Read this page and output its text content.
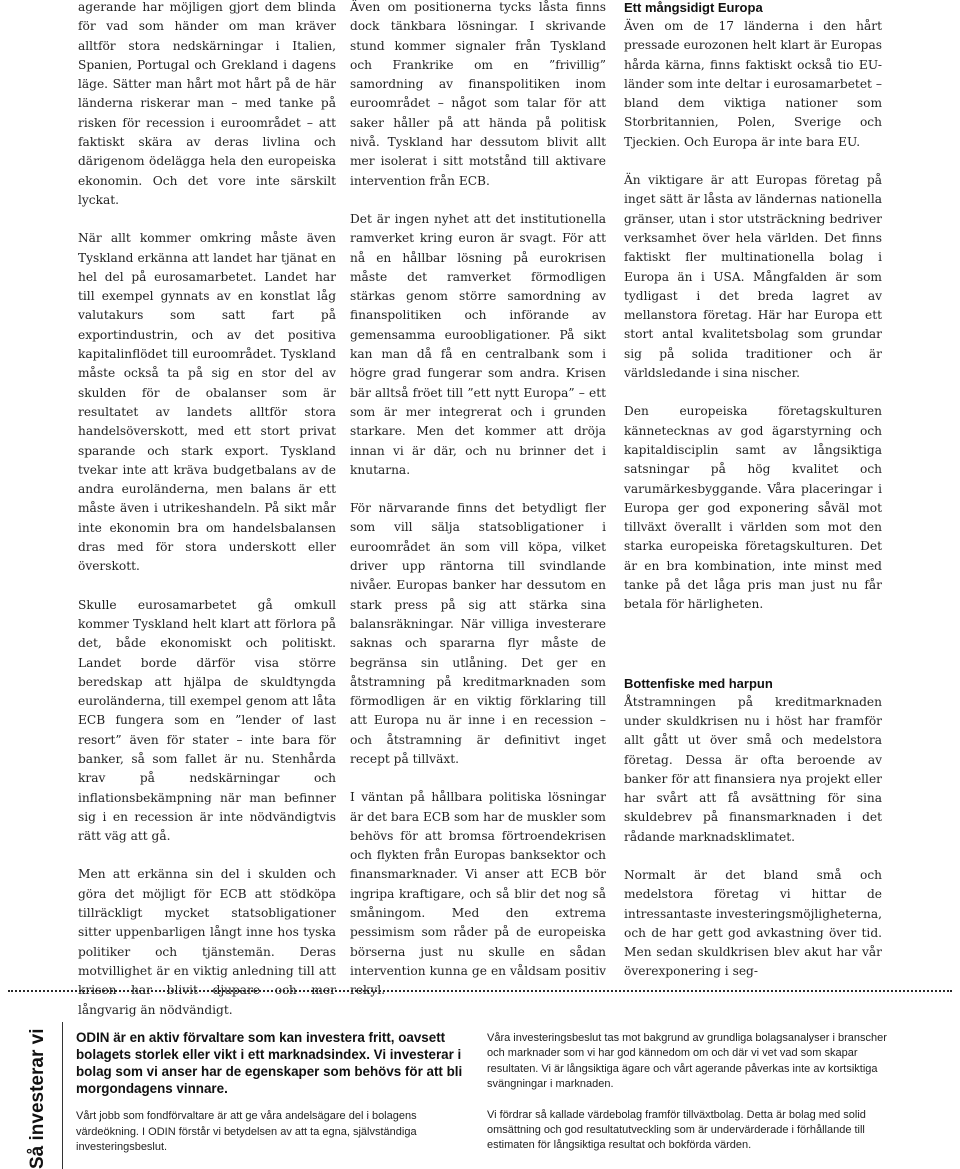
agerande har möjligen gjort dem blinda för vad som händer om man kräver alltför stora nedskärningar i Italien, Spanien, Portugal och Grekland i dagens läge. Sätter man hårt mot hårt på de här länderna riskerar man – med tanke på risken för recession i euroområdet – att faktiskt skära av deras livlina och därigenom ödelägga hela den europeiska ekonomin. Och det vore inte särskilt lyckat.

När allt kommer omkring måste även Tyskland erkänna att landet har tjänat en hel del på eurosamarbetet. Landet har till exempel gynnats av en konstlat låg valutakurs som satt fart på exportindustrin, och av det positiva kapitalinflödet till euroområdet. Tyskland måste också ta på sig en stor del av skulden för de obalanser som är resultatet av landets alltför stora handelsöverskott, med ett stort privat sparande och stark export. Tyskland tvekar inte att kräva budgetbalans av de andra euroländerna, men balans är ett måste även i utrikeshandeln. På sikt mår inte ekonomin bra om handelsbalansen dras med för stora underskott eller överskott.

Skulle eurosamarbetet gå omkull kommer Tyskland helt klart att förlora på det, både ekonomiskt och politiskt. Landet borde därför visa större beredskap att hjälpa de skuldtyngda euroländerna, till exempel genom att låta ECB fungera som en ”lender of last resort” även för stater – inte bara för banker, så som fallet är nu. Stenhårda krav på nedskärningar och inflationsbekämpning när man befinner sig i en recession är inte nödvändigtvis rätt väg att gå.

Men att erkänna sin del i skulden och göra det möjligt för ECB att stödköpa tillräckligt mycket statsobligationer sitter uppenbarligen långt inne hos tyska politiker och tjänstemän. Deras motvillighet är en viktig anledning till att krisen har blivit djupare och mer långvarig än nödvändigt.

Även om positionerna tycks låsta finns dock tänkbara lösningar. I skrivande stund kommer signaler från Tyskland och Frankrike om en ”frivillig” samordning av finanspolitiken inom euroområdet – något som talar för att saker håller på att hända på politisk nivå. Tyskland har dessutom blivit allt mer isolerat i sitt motstånd till aktivare intervention från ECB.

Det är ingen nyhet att det institutionella ramverket kring euron är svagt. För att nå en hållbar lösning på eurokrisen måste det ramverket förmodligen stärkas genom större samordning av finanspolitiken och införande av gemensamma euroobligationer. På sikt kan man då få en centralbank som i högre grad fungerar som andra. Krisen bär alltså fröet till ”ett nytt Europa” – ett som är mer integrerat och i grunden starkare. Men det kommer att dröja innan vi är där, och nu brinner det i knutarna.

För närvarande finns det betydligt fler som vill sälja statsobligationer i euroområdet än som vill köpa, vilket driver upp räntorna till svindlande nivåer. Europas banker har dessutom en stark press på sig att stärka sina balansräkningar. När villiga investerare saknas och spararna flyr måste de begränsa sin utlåning. Det ger en åtstramning på kreditmarknaden som förmodligen är en viktig förklaring till att Europa nu är inne i en recession – och åtstramning är definitivt inget recept på tillväxt.

I väntan på hållbara politiska lösningar är det bara ECB som har de muskler som behövs för att bromsa förtroendekrisen och flykten från Europas banksektor och finansmarknader. Vi anser att ECB bör ingripa kraftigare, och så blir det nog så småningom. Med den extrema pessimism som råder på de europeiska börserna just nu skulle en sådan intervention kunna ge en våldsam positiv rekyl.

Ett mångsidigt Europa

Även om de 17 länderna i den hårt pressade eurozonen helt klart är Europas hårda kärna, finns faktiskt också tio EU-länder som inte deltar i eurosamarbetet – bland dem viktiga nationer som Storbritannien, Polen, Sverige och Tjeckien. Och Europa är inte bara EU.

Än viktigare är att Europas företag på inget sätt är låsta av ländernas nationella gränser, utan i stor utsträckning bedriver verksamhet över hela världen. Det finns faktiskt fler multinationella bolag i Europa än i USA. Mångfalden är som tydligast i det breda lagret av mellanstora företag. Här har Europa ett stort antal kvalitetsbolag som grundar sig på solida traditioner och är världsledande i sina nischer.

Den europeiska företagskulturen kännetecknas av god ägarstyrning och kapitaldisciplin samt av långsiktiga satsningar på hög kvalitet och varumärkesbyggande. Våra placeringar i Europa ger god exponering såväl mot tillväxt överallt i världen som mot den starka europeiska företagskulturen. Det är en bra kombination, inte minst med tanke på det låga pris man just nu får betala för härligheten.

Bottenfiske med harpun

Åtstramningen på kreditmarknaden under skuldkrisen nu i höst har framför allt gått ut över små och medelstora företag. Dessa är ofta beroende av banker för att finansiera nya projekt eller har svårt att få avsättning för sina skuldebrev på finansmarknaden i det rådande marknadsklimatet.

Normalt är det bland små och medelstora företag vi hittar de intressantaste investeringsmöjligheterna, och de har gett god avkastning över tid. Men sedan skuldkrisen blev akut har vår överexponering i seg-

Så investerar vi ODIN är en aktiv förvaltare som kan investera fritt, oavsett bolagets storlek eller vikt i ett marknadsindex. Vi investerar i bolag som vi anser har de egenskaper som behövs för att bli morgondagens vinnare.

Vårt jobb som fondförvaltare är att ge våra andelsägare del i bolagens värdeökning. I ODIN förstår vi betydelsen av att ta egna, självständiga investeringsbeslut.

Våra investeringsbeslut tas mot bakgrund av grundliga bolagsanalyser i branscher och marknader som vi har god kännedom om och där vi vet vad som skapar resultaten. Vi är långsiktiga ägare och vårt agerande påverkas inte av kortsiktiga svängningar i marknaden.

Vi fördrar så kallade värdebolag framför tillväxtbolag. Detta är bolag med solid omsättning och god resultatutveckling som är undervärderade i förhållande till estimaten för långsiktiga resultat och bokförda värden.
